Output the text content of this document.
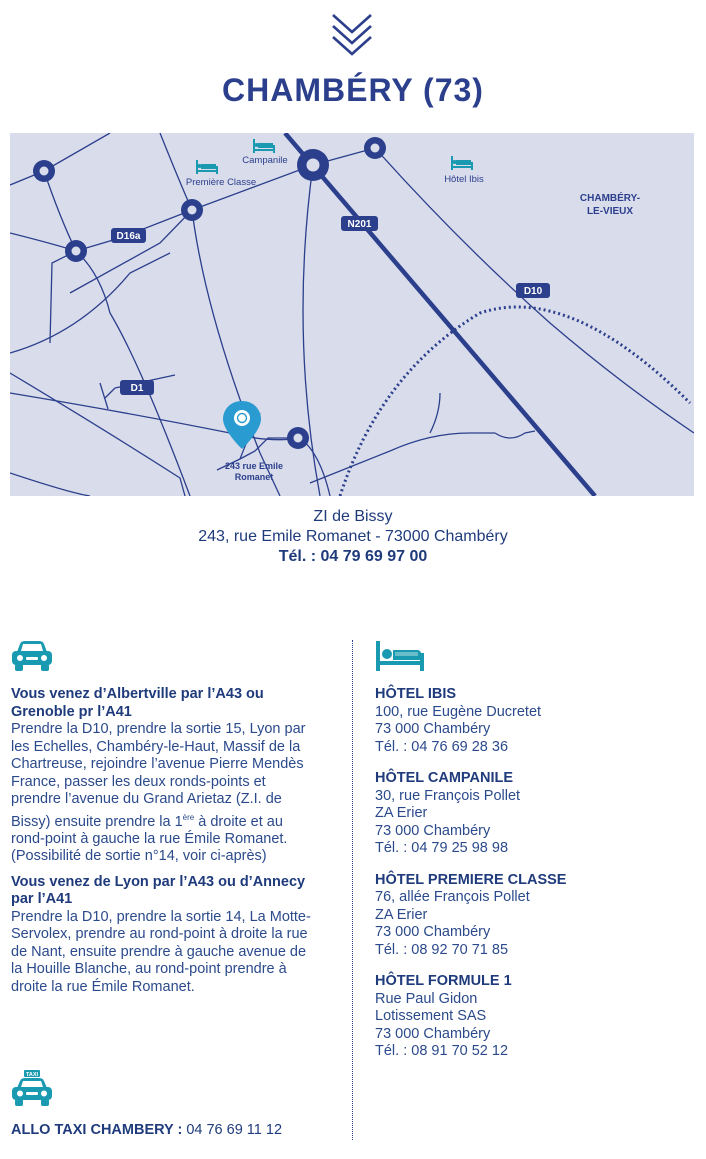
CHAMBÉRY (73)
Première Classe
Campanile
Hôtel Ibis
CHAMBÉRY-
LE-VIEUX
D16a
N201
D10
D1
243 rue Emile
Romanet
ZI de Bissy
243, rue Emile Romanet - 73000 Chambéry
Tél. : 04 79 69 97 00

Vous venez d’Albertville par l’A43 ou Grenoble pr l’A41

Prendre la D10, prendre la sortie 15, Lyon par les Echelles, Chambéry-le-Haut, Massif de la Chartreuse, rejoindre l’avenue Pierre Mendès France, passer les deux ronds-points et prendre l’avenue du Grand Arietaz (Z.I. de Bissy) ensuite prendre la 1ère à droite et au rond-point à gauche la rue Émile Romanet. (Possibilité de sortie n°14, voir ci-après)

Vous venez de Lyon par l’A43 ou d’Annecy par l’A41

Prendre la D10, prendre la sortie 14, La Motte-Servolex, prendre au rond-point à droite la rue de Nant, ensuite prendre à gauche avenue de la Houille Blanche, au rond-point prendre à droite la rue Émile Romanet.

TAXI
ALLO TAXI CHAMBERY : 04 76 69 11 12
HÔTEL IBIS
100, rue Eugène Ducretet
73 000 Chambéry
Tél. : 04 76 69 28 36
HÔTEL CAMPANILE
30, rue François Pollet
ZA Erier
73 000 Chambéry
Tél. : 04 79 25 98 98
HÔTEL PREMIERE CLASSE
76, allée François Pollet
ZA Erier
73 000 Chambéry
Tél. : 08 92 70 71 85
HÔTEL FORMULE 1
Rue Paul Gidon
Lotissement SAS
73 000 Chambéry
Tél. : 08 91 70 52 12
